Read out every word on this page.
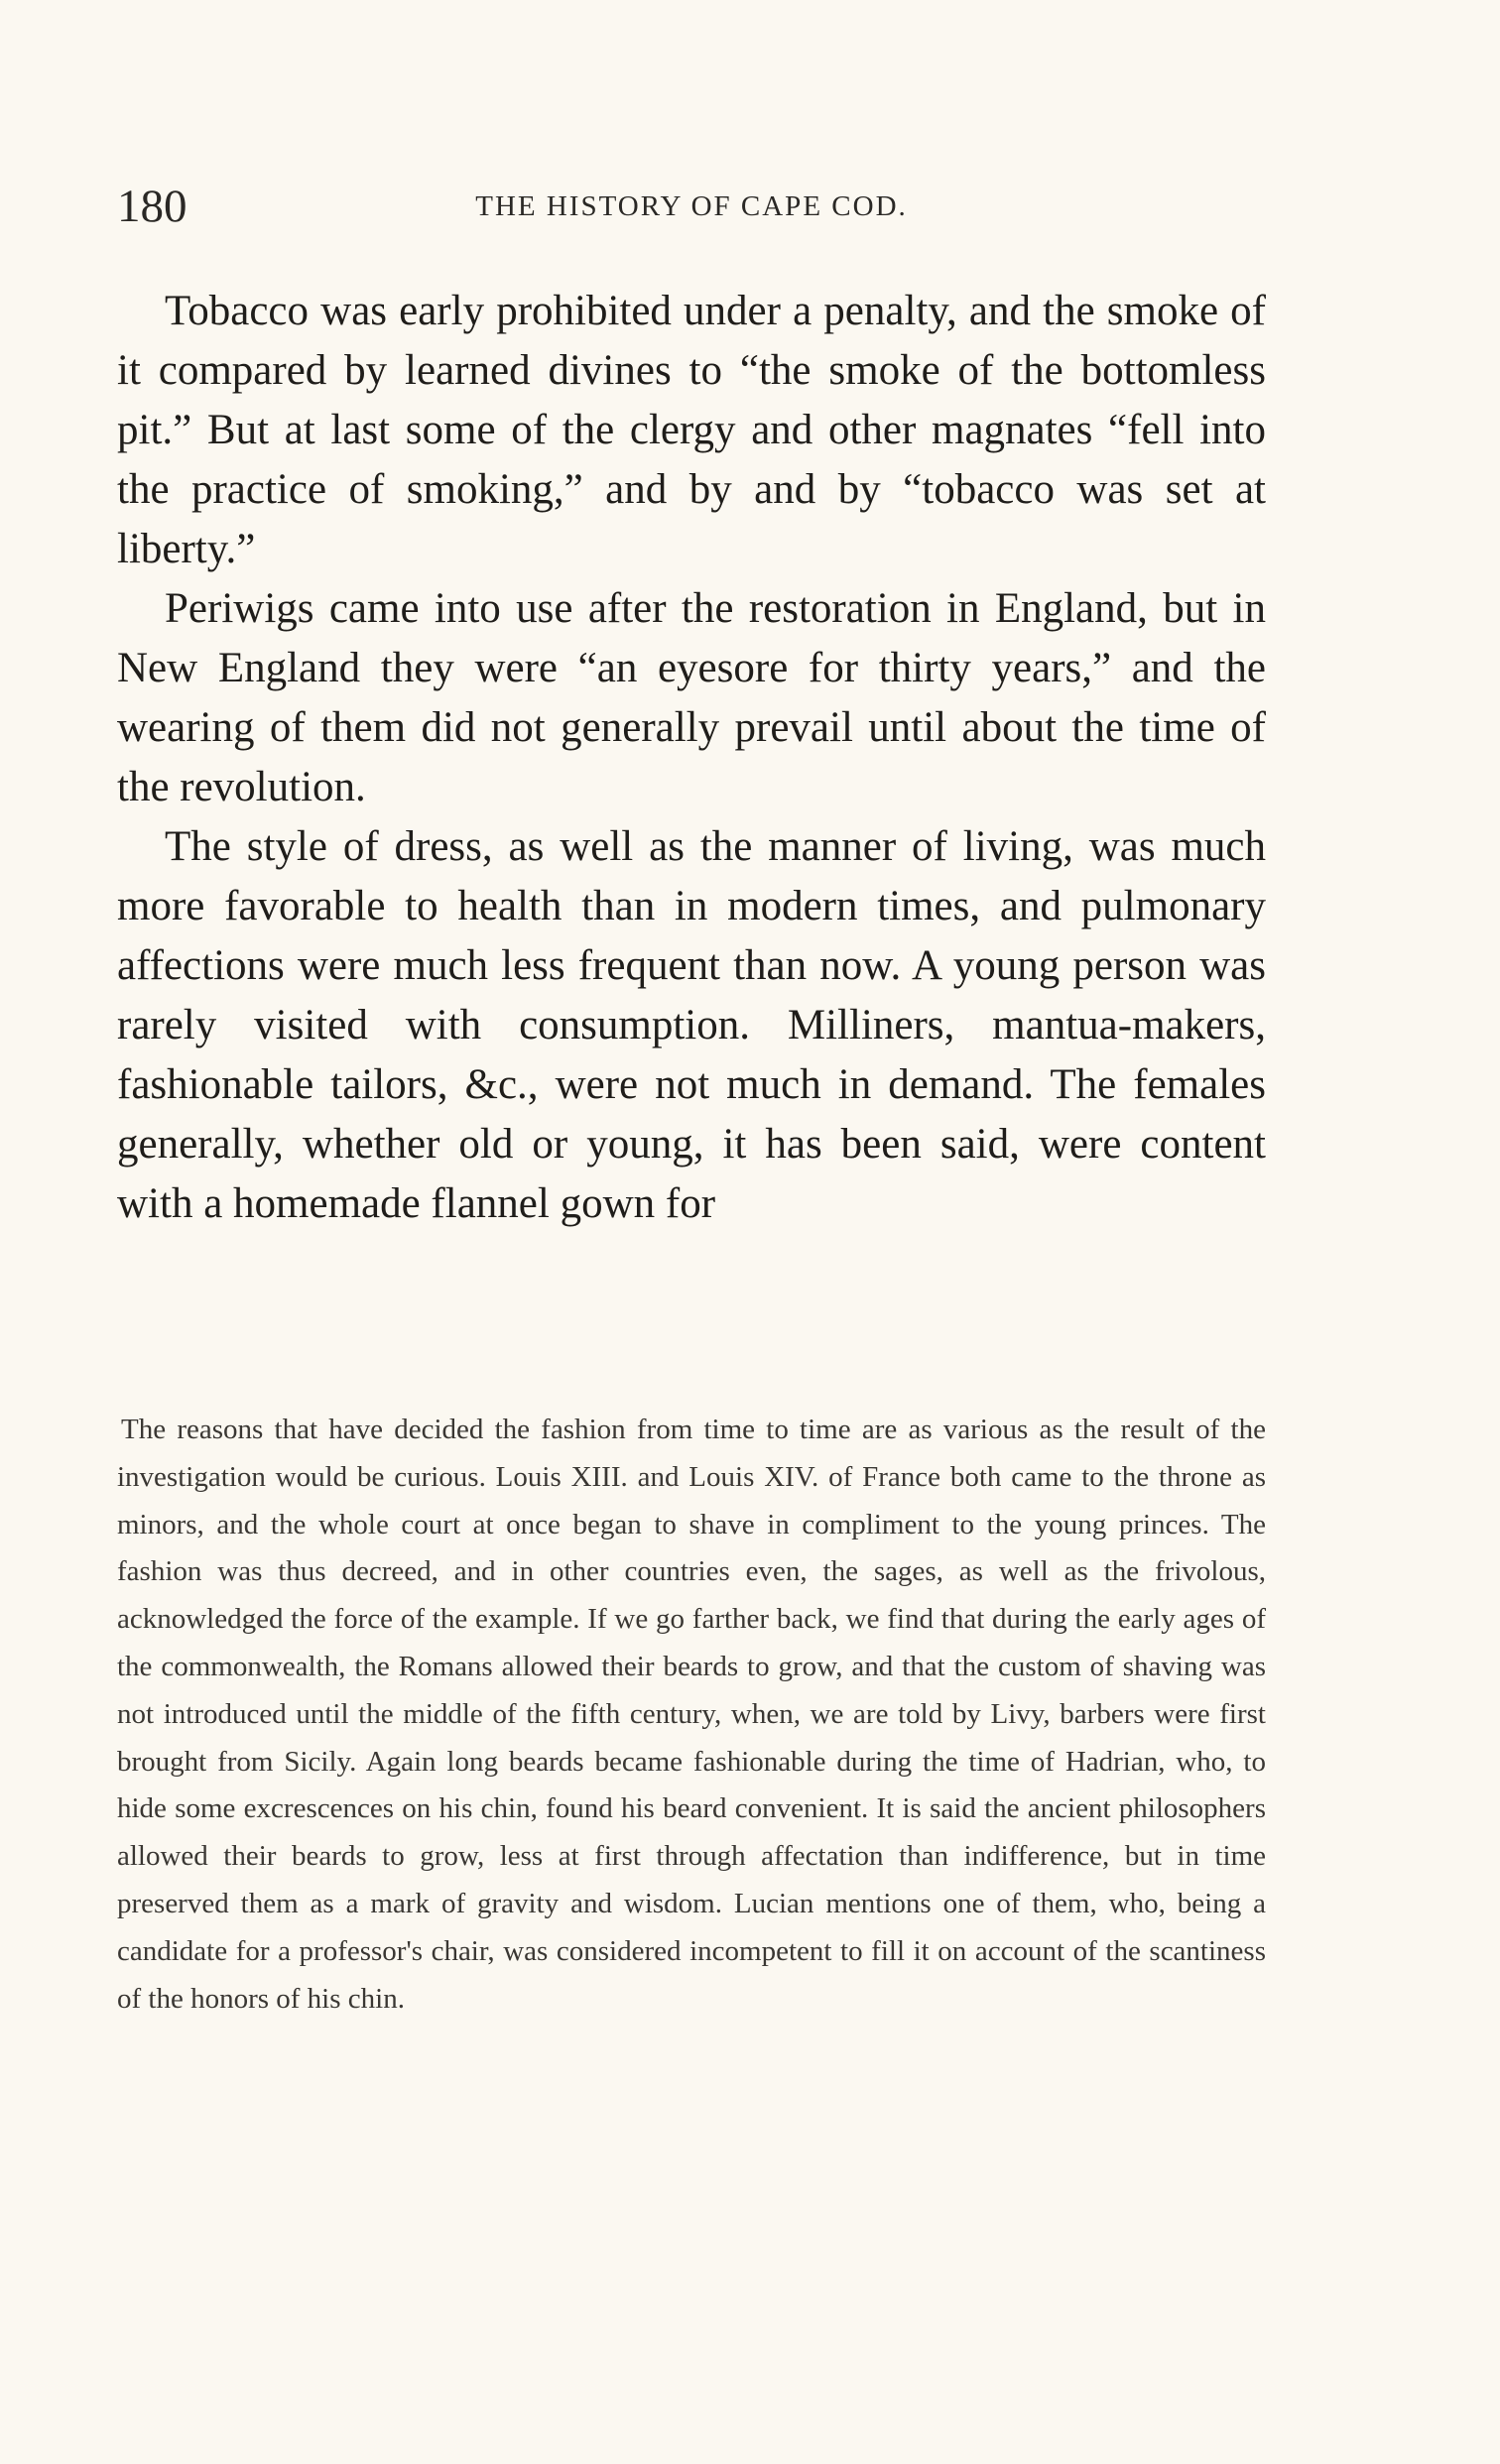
180	THE HISTORY OF CAPE COD.

Tobacco was early prohibited under a penalty, and the smoke of it compared by learned divines to “the smoke of the bottomless pit.” But at last some of the clergy and other magnates “fell into the practice of smoking,” and by and by “tobacco was set at liberty.”

Periwigs came into use after the restoration in England, but in New England they were “an eyesore for thirty years,” and the wearing of them did not generally prevail until about the time of the revolution.

The style of dress, as well as the manner of living, was much more favorable to health than in modern times, and pulmonary affections were much less frequent than now. A young person was rarely visited with consumption. Milliners, mantua-makers, fashionable tailors, &c., were not much in demand. The females generally, whether old or young, it has been said, were content with a homemade flannel gown for

The reasons that have decided the fashion from time to time are as various as the result of the investigation would be curious. Louis XIII. and Louis XIV. of France both came to the throne as minors, and the whole court at once began to shave in compliment to the young princes. The fashion was thus decreed, and in other countries even, the sages, as well as the frivolous, acknowledged the force of the example. If we go farther back, we find that during the early ages of the commonwealth, the Romans allowed their beards to grow, and that the custom of shaving was not introduced until the middle of the fifth century, when, we are told by Livy, barbers were first brought from Sicily. Again long beards became fashionable during the time of Hadrian, who, to hide some excrescences on his chin, found his beard convenient. It is said the ancient philosophers allowed their beards to grow, less at first through affectation than indifference, but in time preserved them as a mark of gravity and wisdom. Lucian mentions one of them, who, being a candidate for a professor's chair, was considered incompetent to fill it on account of the scantiness of the honors of his chin.
